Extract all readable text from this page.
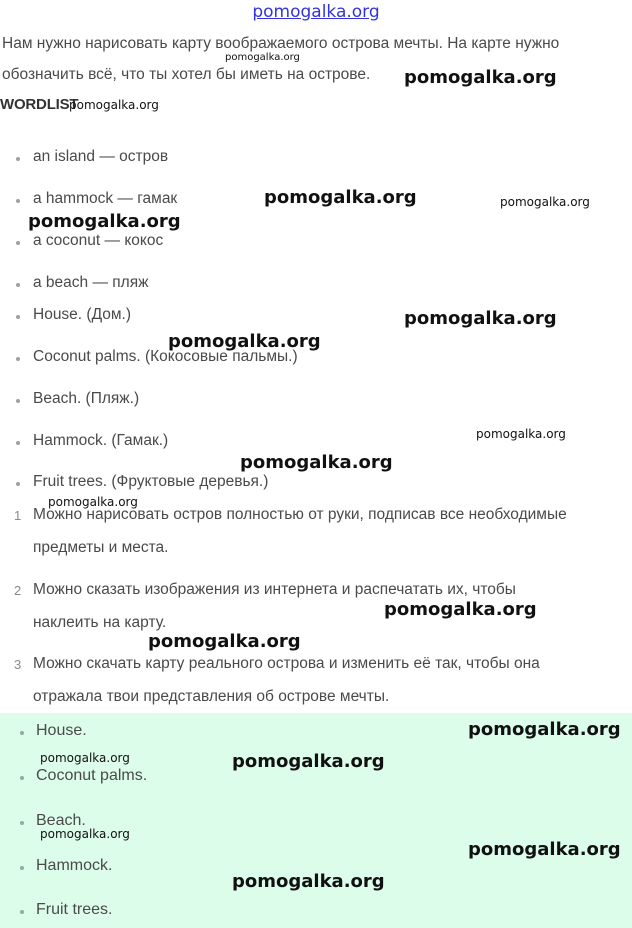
pomogalka.org
Нам нужно нарисовать карту воображаемого острова мечты. На карте нужно
обозначить всё, что ты хотел бы иметь на острове.
WORDLIST
an island — остров
a hammock — гамак
a coconut — кокос
a beach — пляж
House. (Дом.)
Coconut palms. (Кокосовые пальмы.)
Beach. (Пляж.)
Hammock. (Гамак.)
Fruit trees. (Фруктовые деревья.)
1 Можно нарисовать остров полностью от руки, подписав все необходимые
предметы и места.
2 Можно сказать изображения из интернета и распечатать их, чтобы
наклеить на карту.
3 Можно скачать карту реального острова и изменить её так, чтобы она
отражала твои представления об острове мечты.
House.
Coconut palms.
Beach.
Hammock.
Fruit trees.
pomogalka.org
pomogalka.org
pomogalka.org
pomogalka.org	pomogalka.org
pomogalka.org
pomogalka.org
pomogalka.org
pomogalka.org
pomogalka.org
pomogalka.org
pomogalka.org
pomogalka.org
pomogalka.org
pomogalka.org	pomogalka.org
pomogalka.org
pomogalka.org
pomogalka.org
